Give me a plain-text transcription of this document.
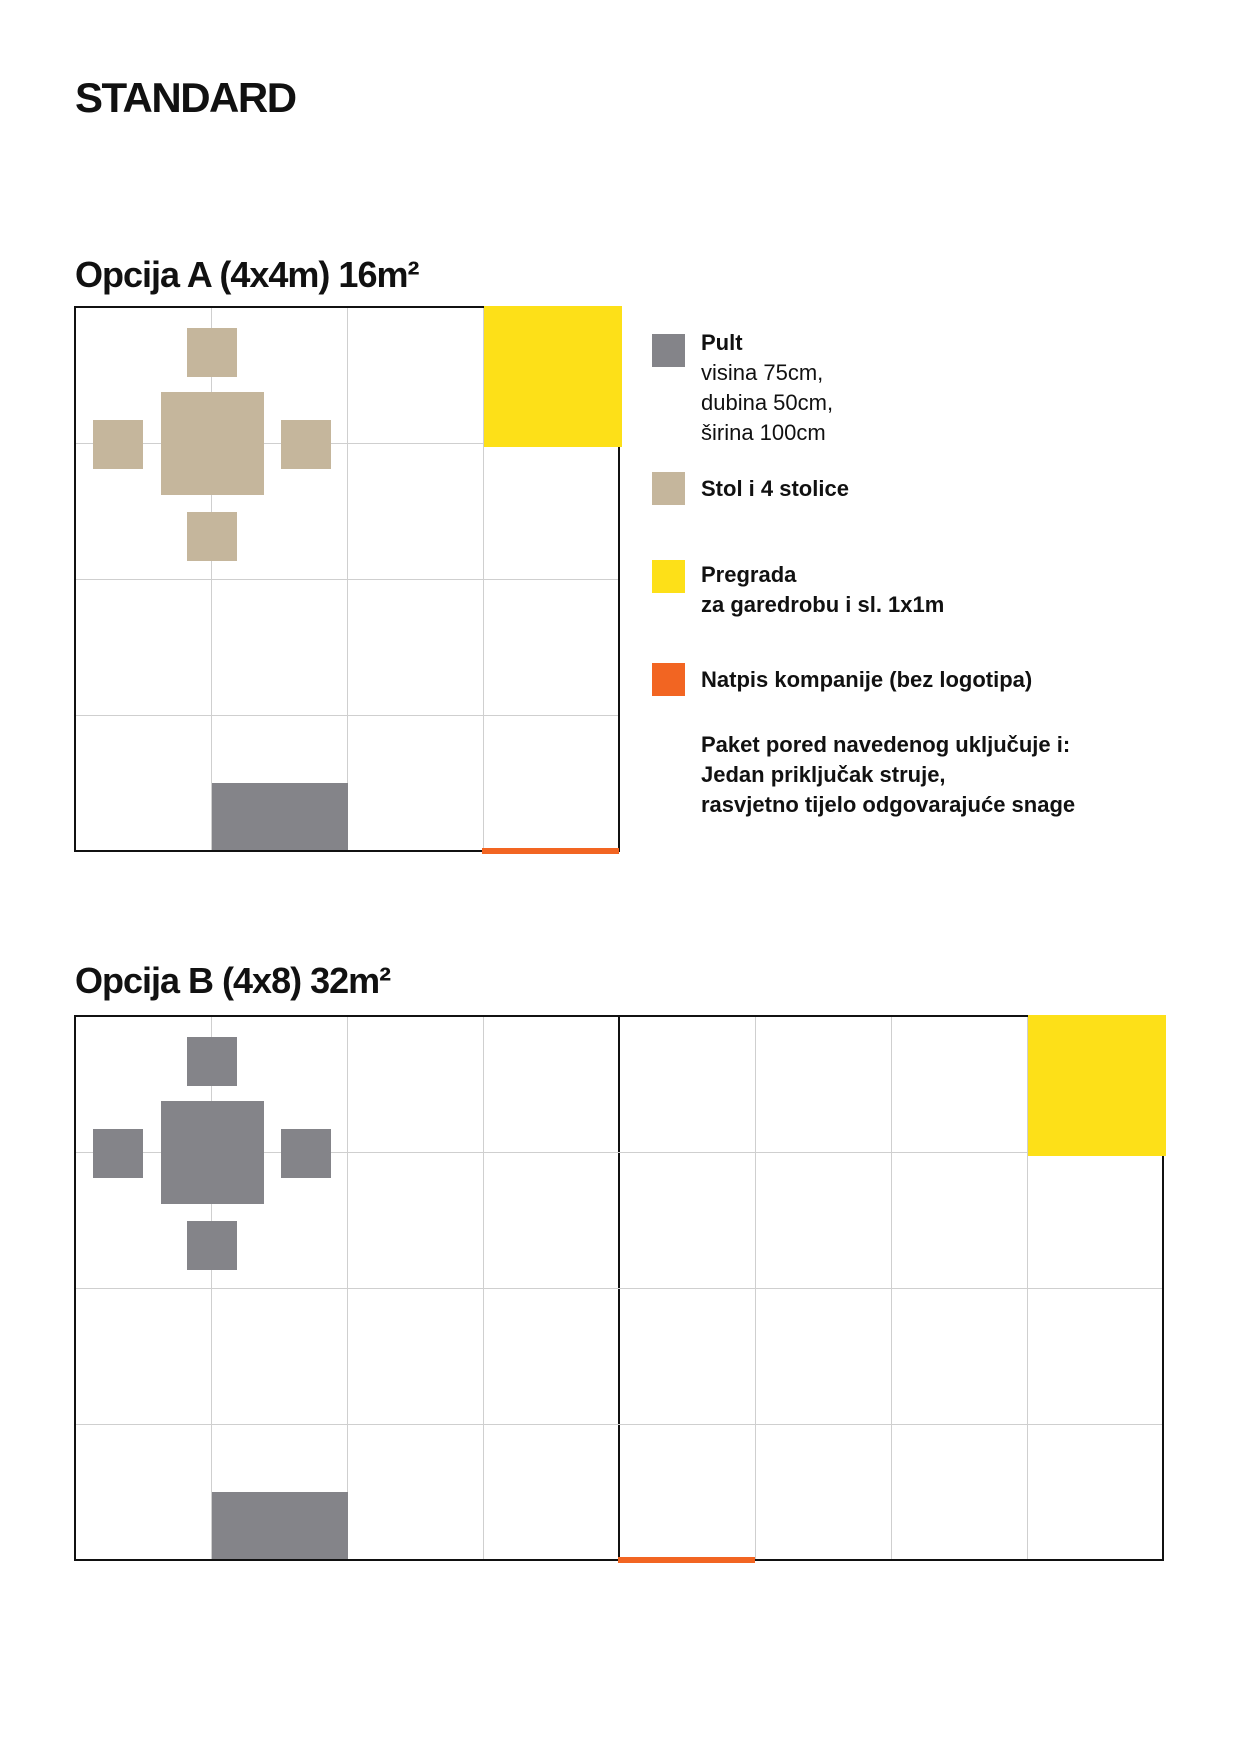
STANDARD
Opcija A (4x4m) 16m²
Pult
visina 75cm,
dubina 50cm,
širina 100cm
Stol i 4 stolice
Pregrada
za garedrobu i sl. 1x1m
Natpis kompanije (bez logotipa)
Paket pored navedenog uključuje i:
Jedan priključak struje,
rasvjetno tijelo odgovarajuće snage
Opcija B (4x8) 32m²
